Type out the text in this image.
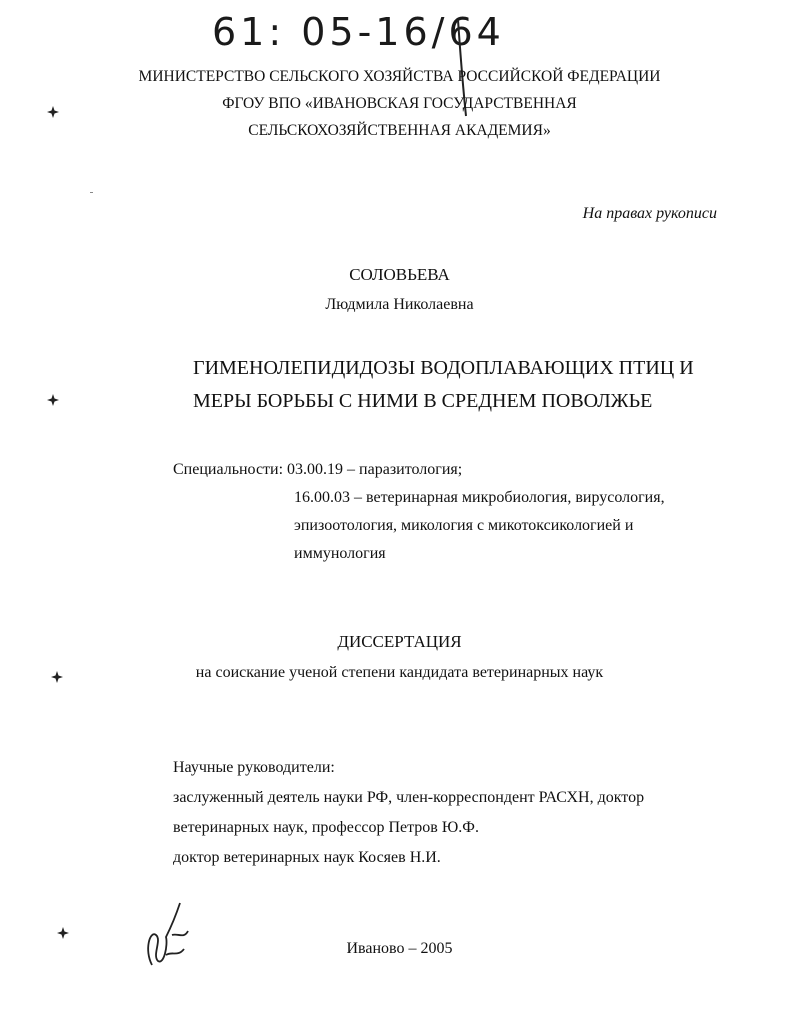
61: 05-16/64
МИНИСТЕРСТВО СЕЛЬСКОГО ХОЗЯЙСТВА РОССИЙСКОЙ ФЕДЕРАЦИИ
ФГОУ ВПО «ИВАНОВСКАЯ ГОСУДАРСТВЕННАЯ
СЕЛЬСКОХОЗЯЙСТВЕННАЯ АКАДЕМИЯ»
На правах рукописи
СОЛОВЬЕВА
Людмила Николаевна
ГИМЕНОЛЕПИДИДОЗЫ ВОДОПЛАВАЮЩИХ ПТИЦ И
МЕРЫ БОРЬБЫ С НИМИ В СРЕДНЕМ ПОВОЛЖЬЕ
Специальности: 03.00.19 – паразитология;
16.00.03 – ветеринарная микробиология, вирусология,
эпизоотология, микология с микотоксикологией и
иммунология
ДИССЕРТАЦИЯ
на соискание ученой степени кандидата ветеринарных наук
Научные руководители:
заслуженный деятель науки РФ, член-корреспондент РАСХН, доктор
ветеринарных наук, профессор Петров Ю.Ф.
доктор ветеринарных наук Косяев Н.И.
Иваново – 2005
